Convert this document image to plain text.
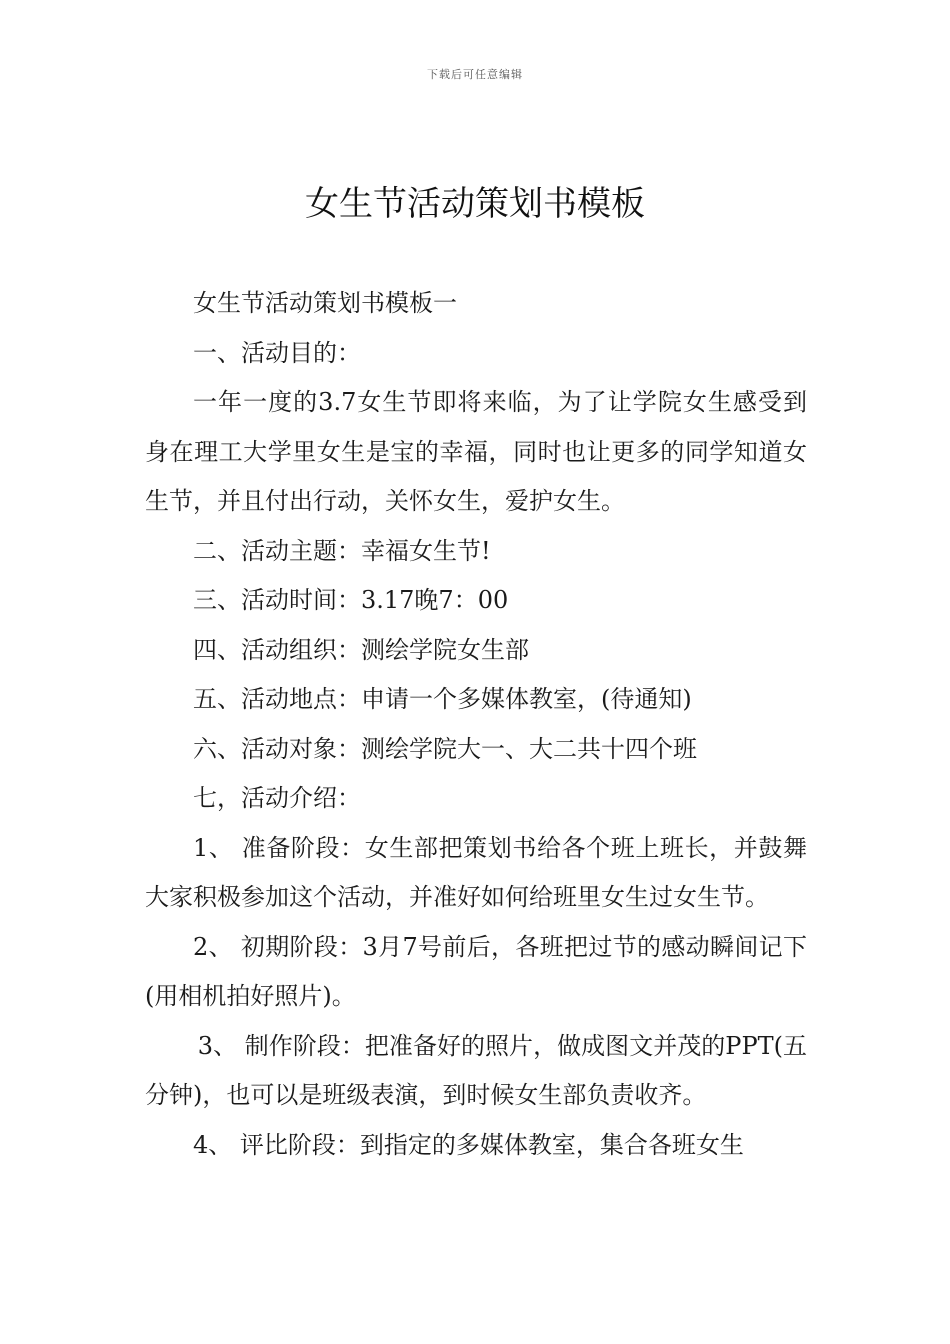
下载后可任意编辑
女生节活动策划书模板

女生节活动策划书模板一

一、活动目的：

一年一度的3.7女生节即将来临，为了让学院女生感受到身在理工大学里女生是宝的幸福，同时也让更多的同学知道女生节，并且付出行动，关怀女生，爱护女生。

二、活动主题：幸福女生节!

三、活动时间：3.17晚7：00

四、活动组织：测绘学院女生部

五、活动地点：申请一个多媒体教室，(待通知)

六、活动对象：测绘学院大一、大二共十四个班

七，活动介绍：

1、 准备阶段：女生部把策划书给各个班上班长，并鼓舞大家积极参加这个活动，并准好如何给班里女生过女生节。

2、 初期阶段：3月7号前后，各班把过节的感动瞬间记下(用相机拍好照片)。

3、 制作阶段：把准备好的照片，做成图文并茂的PPT(五分钟)，也可以是班级表演，到时候女生部负责收齐。

4、 评比阶段：到指定的多媒体教室，集合各班女生
